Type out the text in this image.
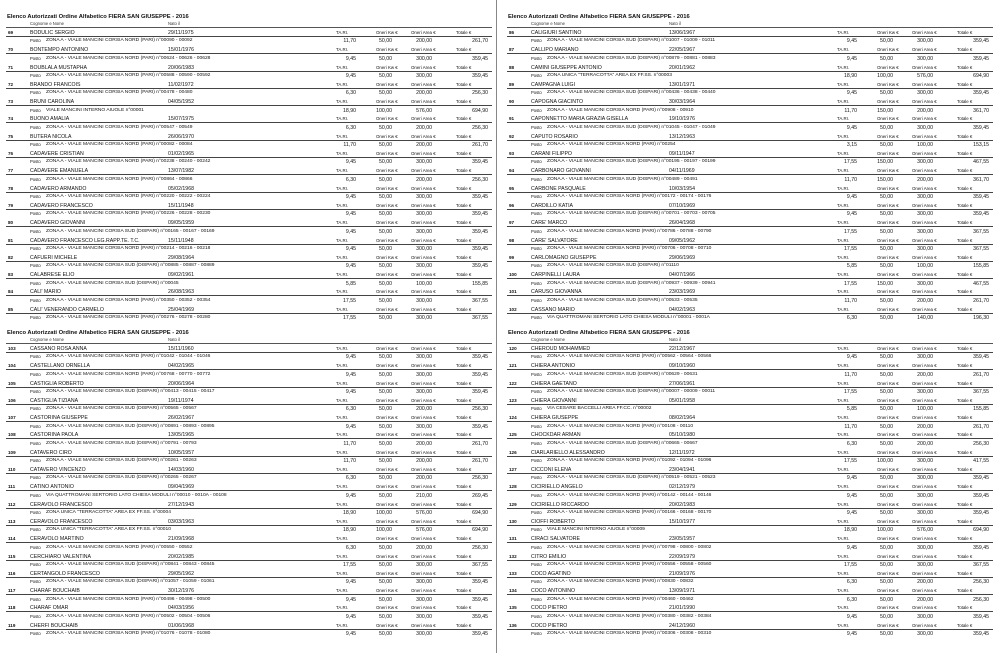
Elenco Autorizzati Ordine Alfabetico FIERA SAN GIUSEPPE - 2016
Cognome e Nome	Nato il
69	BODULIC SERGIO	29/11/1975	TA.RI.	Oneri Kw €	Oneri Area €	Totale €
Posto ZONA A - VIALE MANCINI CORSIA NORD (PARI) n°00090 - 00092	11,70	50,00	200,00	261,70
70	BONTEMPO ANTONINO	15/01/1976	TA.RI.	Oneri Kw €	Oneri Area €	Totale €
Posto ZONA A - VIALE MANCINI CORSIA NORD (PARI) n°00624 - 00626 - 00628	9,45	50,00	300,00	359,45
71	BOUBLALA MUSTAPHA	20/06/1983	TA.RI.	Oneri Kw €	Oneri Area €	Totale €
Posto ZONA A - VIALE MANCINI CORSIA NORD (PARI) n°00588 - 00590 - 00592	9,45	50,00	300,00	359,45
72	BRANDO FRANCOIS	11/02/1972	TA.RI.	Oneri Kw €	Oneri Area €	Totale €
Posto ZONA A - VIALE MANCINI CORSIA NORD (PARI) n°00478 - 00480	6,30	50,00	200,00	256,30
73	BRUNI CAROLINA	04/05/1952	TA.RI.	Oneri Kw €	Oneri Area €	Totale €
Posto VIALE MANCINI INTERNO AIUOLE n°00001	18,90	100,00	576,00	694,90
74	BUONO AMALIA	15/07/1975	TA.RI.	Oneri Kw €	Oneri Area €	Totale €
Posto ZONA A - VIALE MANCINI CORSIA NORD (PARI) n°00547 - 00549	6,30	50,00	200,00	256,30
75	BUTERA NICOLA	26/06/1970	TA.RI.	Oneri Kw €	Oneri Area €	Totale €
Posto ZONA A - VIALE MANCINI CORSIA NORD (PARI) n°00082 - 00084	11,70	50,00	200,00	261,70
76	CADAVERE CRISTIAN	01/02/1965	TA.RI.	Oneri Kw €	Oneri Area €	Totale €
Posto ZONA A - VIALE MANCINI CORSIA NORD (PARI) n°00238 - 00240 - 00242	9,45	50,00	300,00	359,45
77	CADAVERE EMANUELA	13/07/1982	TA.RI.	Oneri Kw €	Oneri Area €	Totale €
Posto ZONA A - VIALE MANCINI CORSIA NORD (PARI) n°00864 - 00866	6,30	50,00	200,00	256,30
78	CADAVERO ARMANDO	05/02/1968	TA.RI.	Oneri Kw €	Oneri Area €	Totale €
Posto ZONA A - VIALE MANCINI CORSIA NORD (PARI) n°00220 - 00222 - 00224	9,45	50,00	300,00	359,45
79	CADAVERO FRANCESCO	15/11/1948	TA.RI.	Oneri Kw €	Oneri Area €	Totale €
Posto ZONA A - VIALE MANCINI CORSIA NORD (PARI) n°00226 - 00228 - 00230	9,45	50,00	300,00	359,45
80	CADAVERO GIOVANNI	09/05/1959	TA.RI.	Oneri Kw €	Oneri Area €	Totale €
Posto ZONA A - VIALE MANCINI CORSIA SUD (DISPARI) n°00165 - 00167 - 00169	9,45	50,00	300,00	359,45
81	CADAVERO FRANCESCO LEG.RAPP.TE. T.C.	15/11/1948	TA.RI.	Oneri Kw €	Oneri Area €	Totale €
Posto ZONA A - VIALE MANCINI CORSIA NORD (PARI) n°00214 - 00216 - 00218	9,45	50,00	300,00	359,45
82	CAFUERI MICHELE	29/08/1964	TA.RI.	Oneri Kw €	Oneri Area €	Totale €
Posto ZONA A - VIALE MANCINI CORSIA SUD (DISPARI) n°00885 - 00887 - 00889	9,45	50,00	300,00	359,45
83	CALABRESE ELIO	09/02/1961	TA.RI.	Oneri Kw €	Oneri Area €	Totale €
Posto ZONA A - VIALE MANCINI CORSIA SUD (DISPARI) n°00045	5,85	50,00	100,00	155,85
84	CALI' MARIO	26/08/1963	TA.RI.	Oneri Kw €	Oneri Area €	Totale €
Posto ZONA A - VIALE MANCINI CORSIA NORD (PARI) n°00350 - 00352 - 00354	17,55	50,00	300,00	367,55
85	CALI' VENERANDO CARMELO	25/04/1969	TA.RI.	Oneri Kw €	Oneri Area €	Totale €
Posto ZONA A - VIALE MANCINI CORSIA NORD (PARI) n°00276 - 00278 - 00280	17,55	50,00	300,00	367,55
Elenco Autorizzati Ordine Alfabetico FIERA SAN GIUSEPPE - 2016
Cognome e Nome	Nato il
86	CALIGIURI SANTINO	13/06/1967	TA.RI.	Oneri Kw €	Oneri Area €	Totale €
Posto ZONA A - VIALE MANCINI CORSIA SUD (DISPARI) n°01007 - 01009 - 01011	9,45	50,00	300,00	359,45
87	CALLIPO MARIANO	22/05/1967	TA.RI.	Oneri Kw €	Oneri Area €	Totale €
Posto ZONA A - VIALE MANCINI CORSIA SUD (DISPARI) n°00879 - 00881 - 00883	9,45	50,00	300,00	359,45
88	CAMINI GIUSEPPE ANTONIO	20/01/1962	TA.RI.	Oneri Kw €	Oneri Area €	Totale €
Posto ZONA UNICA "TERRACOTTA" AREA EX FF.SS. n°00003	18,90	100,00	576,00	694,90
89	CAMPAGNA LUIGI	13/01/1971	TA.RI.	Oneri Kw €	Oneri Area €	Totale €
Posto ZONA A - VIALE MANCINI CORSIA SUD (DISPARI) n°00436 - 00438 - 00440	9,45	50,00	300,00	359,45
90	CAPOGNA GIACINTO	30/03/1964	TA.RI.	Oneri Kw €	Oneri Area €	Totale €
Posto ZONA A - VIALE MANCINI CORSIA NORD (PARI) n°00908 - 00910	11,70	150,00	200,00	361,70
91	CAPONNETTO MARIA GRAZIA GISELLA	19/10/1976	TA.RI.	Oneri Kw €	Oneri Area €	Totale €
Posto ZONA A - VIALE MANCINI CORSIA SUD (DISPARI) n°01045 - 01047 - 01049	9,45	50,00	300,00	359,45
92	CAPUTO ROSARIO	13/12/1963	TA.RI.	Oneri Kw €	Oneri Area €	Totale €
Posto ZONA A - VIALE MANCINI CORSIA NORD (PARI) n°00254	3,15	50,00	100,00	153,15
93	CARANI FILIPPO	09/11/1947	TA.RI.	Oneri Kw €	Oneri Area €	Totale €
Posto ZONA A - VIALE MANCINI CORSIA SUD (DISPARI) n°00195 - 00197 - 00199	17,55	150,00	300,00	467,55
94	CARBONARO GIOVANNI	04/11/1969	TA.RI.	Oneri Kw €	Oneri Area €	Totale €
Posto ZONA A - VIALE MANCINI CORSIA SUD (DISPARI) n°00489 - 00491	11,70	150,00	200,00	361,70
95	CARBONE PASQUALE	10/03/1954	TA.RI.	Oneri Kw €	Oneri Area €	Totale €
Posto ZONA A - VIALE MANCINI CORSIA NORD (PARI) n°00172 - 00174 - 00176	9,45	50,00	300,00	359,45
96	CARDILLO KATIA	07/10/1969	TA.RI.	Oneri Kw €	Oneri Area €	Totale €
Posto ZONA A - VIALE MANCINI CORSIA SUD (DISPARI) n°00701 - 00703 - 00705	9,45	50,00	300,00	359,45
97	CARE' MARCO	26/04/1968	TA.RI.	Oneri Kw €	Oneri Area €	Totale €
Posto ZONA A - VIALE MANCINI CORSIA NORD (PARI) n°00786 - 00788 - 00790	17,55	50,00	300,00	367,55
98	CARE' SALVATORE	09/05/1962	TA.RI.	Oneri Kw €	Oneri Area €	Totale €
Posto ZONA A - VIALE MANCINI CORSIA NORD (PARI) n°00706 - 00708 - 00710	17,55	50,00	300,00	367,55
99	CARLOMAGNO GIUSEPPE	29/06/1969	TA.RI.	Oneri Kw €	Oneri Area €	Totale €
Posto ZONA A - VIALE MANCINI CORSIA SUD (DISPARI) n°01110	5,85	50,00	100,00	155,85
100	CARPINELLI LAURA	04/07/1966	TA.RI.	Oneri Kw €	Oneri Area €	Totale €
Posto ZONA A - VIALE MANCINI CORSIA SUD (DISPARI) n°00937 - 00939 - 00941	17,55	150,00	300,00	467,55
101	CARUSO GIOVANNA	23/03/1969	TA.RI.	Oneri Kw €	Oneri Area €	Totale €
Posto ZONA A - VIALE MANCINI CORSIA SUD (DISPARI) n°00533 - 00535	11,70	50,00	200,00	261,70
102	CASSANO MARIO	04/02/1963	TA.RI.	Oneri Kw €	Oneri Area €	Totale €
Posto VIA QUATTROMANI SERTORIO LATO CHIESA MODULI n°00001 - 0001A	6,30	50,00	140,00	196,30
Elenco Autorizzati Ordine Alfabetico FIERA SAN GIUSEPPE - 2016
Cognome e Nome	Nato il
103	CASSANO ROSA ANNA	15/11/1960	TA.RI.	Oneri Kw €	Oneri Area €	Totale €
Posto ZONA A - VIALE MANCINI CORSIA NORD (PARI) n°01042 - 01044 - 01046	9,45	50,00	300,00	359,45
104	CASTELLANO ORNELLA	04/02/1965	TA.RI.	Oneri Kw €	Oneri Area €	Totale €
Posto ZONA A - VIALE MANCINI CORSIA NORD (PARI) n°00768 - 00770 - 00772	9,45	50,00	300,00	359,45
105	CASTIGLIA ROBERTO	20/06/1964	TA.RI.	Oneri Kw €	Oneri Area €	Totale €
Posto ZONA A - VIALE MANCINI CORSIA SUD (DISPARI) n°00413 - 00415 - 00417	9,45	50,00	300,00	359,45
106	CASTIGLIA TIZIANA	19/11/1974	TA.RI.	Oneri Kw €	Oneri Area €	Totale €
Posto ZONA A - VIALE MANCINI CORSIA SUD (DISPARI) n°00565 - 00567	6,30	50,00	200,00	256,30
107	CASTORINA GIUSEPPE	26/02/1967	TA.RI.	Oneri Kw €	Oneri Area €	Totale €
Posto ZONA A - VIALE MANCINI CORSIA SUD (DISPARI) n°00891 - 00893 - 00895	9,45	50,00	300,00	359,45
108	CASTORINA PAOLA	13/05/1965	TA.RI.	Oneri Kw €	Oneri Area €	Totale €
Posto ZONA A - VIALE MANCINI CORSIA SUD (DISPARI) n°00791 - 00793	11,70	50,00	200,00	261,70
109	CATAVERO CIRO	10/05/1957	TA.RI.	Oneri Kw €	Oneri Area €	Totale €
Posto ZONA A - VIALE MANCINI CORSIA SUD (DISPARI) n°00261 - 00263	11,70	50,00	200,00	261,70
110	CATAVERO VINCENZO	14/03/1960	TA.RI.	Oneri Kw €	Oneri Area €	Totale €
Posto ZONA A - VIALE MANCINI CORSIA SUD (DISPARI) n°00265 - 00267	6,30	50,00	200,00	256,30
111	CATINO ANTONIO	09/04/1969	TA.RI.	Oneri Kw €	Oneri Area €	Totale €
Posto VIA QUATTROMANI SERTORIO LATO CHIESA MODULI n°00010 - 0010A - 00108	9,45	50,00	210,00	269,45
112	CERAVOLO FRANCESCO	27/12/1943	TA.RI.	Oneri Kw €	Oneri Area €	Totale €
Posto ZONA UNICA "TERRACOTTA" AREA EX FF.SS. n°00004	18,90	100,00	576,00	694,90
113	CERAVOLO FRANCESCO	03/03/1963	TA.RI.	Oneri Kw €	Oneri Area €	Totale €
Posto ZONA UNICA "TERRACOTTA" AREA EX FF.SS. n°00010	18,90	100,00	576,00	694,90
114	CERAVOLO MARTINO	21/09/1968	TA.RI.	Oneri Kw €	Oneri Area €	Totale €
Posto ZONA A - VIALE MANCINI CORSIA NORD (PARI) n°00550 - 00552	6,30	50,00	200,00	256,30
115	CERCHIARO VALENTINA	20/02/1985	TA.RI.	Oneri Kw €	Oneri Area €	Totale €
Posto ZONA A - VIALE MANCINI CORSIA SUD (DISPARI) n°00841 - 00843 - 00845	17,55	50,00	300,00	367,55
116	CERTANGOLO FRANCESCO	29/05/1962	TA.RI.	Oneri Kw €	Oneri Area €	Totale €
Posto ZONA A - VIALE MANCINI CORSIA SUD (DISPARI) n°01057 - 01059 - 01061	9,45	50,00	300,00	359,45
117	CHARAF BOUCHAIB	30/12/1976	TA.RI.	Oneri Kw €	Oneri Area €	Totale €
Posto ZONA A - VIALE MANCINI CORSIA NORD (PARI) n°00496 - 00498 - 00500	9,45	50,00	300,00	359,45
118	CHARAF OMAR	04/03/1956	TA.RI.	Oneri Kw €	Oneri Area €	Totale €
Posto ZONA A - VIALE MANCINI CORSIA NORD (PARI) n°00502 - 00504 - 00506	9,45	50,00	300,00	359,45
119	CHERFI BOUCHAIB	01/06/1968	TA.RI.	Oneri Kw €	Oneri Area €	Totale €
Posto ZONA A - VIALE MANCINI CORSIA NORD (PARI) n°01076 - 01078 - 01080	9,45	50,00	300,00	359,45
Elenco Autorizzati Ordine Alfabetico FIERA SAN GIUSEPPE - 2016
Cognome e Nome	Nato il
120	CHEROUD MOHAMMED	22/12/1967	TA.RI.	Oneri Kw €	Oneri Area €	Totale €
Posto ZONA A - VIALE MANCINI CORSIA NORD (PARI) n°00562 - 00564 - 00566	9,45	50,00	300,00	359,45
121	CHIERA ANTONIO	09/10/1960	TA.RI.	Oneri Kw €	Oneri Area €	Totale €
Posto ZONA A - VIALE MANCINI CORSIA SUD (DISPARI) n°00629 - 00631	11,70	50,00	200,00	261,70
122	CHIERA GAETANO	27/06/1961	TA.RI.	Oneri Kw €	Oneri Area €	Totale €
Posto ZONA A - VIALE MANCINI CORSIA SUD (DISPARI) n°00007 - 00009 - 00011	17,55	50,00	300,00	367,55
123	CHIERA GIOVANNI	05/01/1958	TA.RI.	Oneri Kw €	Oneri Area €	Totale €
Posto VIA CESARE BACCELLI AREA FF.CC. n°00002	5,85	50,00	100,00	155,85
124	CHIERA GIUSEPPE	08/02/1964	TA.RI.	Oneri Kw €	Oneri Area €	Totale €
Posto ZONA A - VIALE MANCINI CORSIA NORD (PARI) n°00108 - 00110	11,70	50,00	200,00	261,70
125	CHOCKDAR ARMAN	05/10/1980	TA.RI.	Oneri Kw €	Oneri Area €	Totale €
Posto ZONA A - VIALE MANCINI CORSIA SUD (DISPARI) n°00665 - 00667	6,30	50,00	200,00	256,30
126	CIARLARIELLO ALESSANDRO	12/11/1972	TA.RI.	Oneri Kw €	Oneri Area €	Totale €
Posto ZONA A - VIALE MANCINI CORSIA NORD (PARI) n°01092 - 01094 - 01096	17,55	100,00	300,00	417,55
127	CICCONI ELENA	23/04/1941	TA.RI.	Oneri Kw €	Oneri Area €	Totale €
Posto ZONA A - VIALE MANCINI CORSIA SUD (DISPARI) n°00519 - 00521 - 00523	9,45	50,00	300,00	359,45
128	CICIRIELLO ANGELO	02/12/1979	TA.RI.	Oneri Kw €	Oneri Area €	Totale €
Posto ZONA A - VIALE MANCINI CORSIA NORD (PARI) n°00142 - 00144 - 00146	9,45	50,00	300,00	359,45
129	CICIRIELLO RICCARDO	20/02/1983	TA.RI.	Oneri Kw €	Oneri Area €	Totale €
Posto ZONA A - VIALE MANCINI CORSIA NORD (PARI) n°00166 - 00168 - 00170	9,45	50,00	300,00	359,45
130	CIOFFI ROBERTO	15/10/1977	TA.RI.	Oneri Kw €	Oneri Area €	Totale €
Posto VIALE MANCINI INTERNO AIUOLE n°00009	18,90	100,00	576,00	694,90
131	CIRACI SALVATORE	23/05/1957	TA.RI.	Oneri Kw €	Oneri Area €	Totale €
Posto ZONA A - VIALE MANCINI CORSIA NORD (PARI) n°00798 - 00800 - 00802	9,45	50,00	300,00	359,45
132	CITRO EMILIO	22/09/1979	TA.RI.	Oneri Kw €	Oneri Area €	Totale €
Posto ZONA A - VIALE MANCINI CORSIA NORD (PARI) n°00556 - 00558 - 00560	17,55	50,00	300,00	367,55
133	COCO AGATINO	21/09/1976	TA.RI.	Oneri Kw €	Oneri Area €	Totale €
Posto ZONA A - VIALE MANCINI CORSIA NORD (PARI) n°00830 - 00832	6,30	50,00	200,00	256,30
134	COCO ANTONINO	13/09/1971	TA.RI.	Oneri Kw €	Oneri Area €	Totale €
Posto ZONA A - VIALE MANCINI CORSIA NORD (PARI) n°00460 - 00462	6,30	50,00	200,00	256,30
135	COCO PIETRO	21/01/1990	TA.RI.	Oneri Kw €	Oneri Area €	Totale €
Posto ZONA A - VIALE MANCINI CORSIA NORD (PARI) n°00380 - 00382 - 00384	9,45	50,00	300,00	359,45
136	COCO PIETRO	24/12/1960	TA.RI.	Oneri Kw €	Oneri Area €	Totale €
Posto ZONA A - VIALE MANCINI CORSIA NORD (PARI) n°00306 - 00308 - 00310	9,45	50,00	300,00	359,45
